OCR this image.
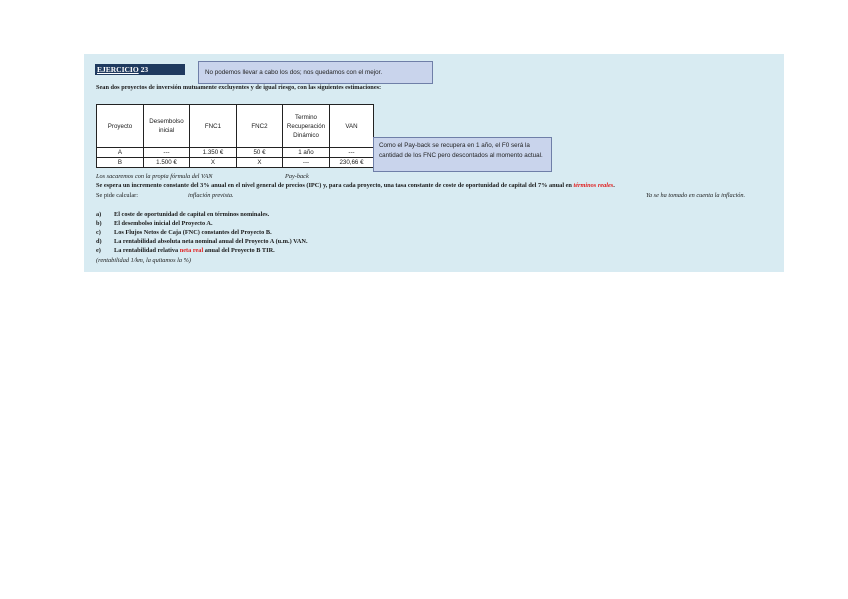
EJERCICIO 23	No podemos llevar a cabo los dos; nos quedamos con el mejor.
Sean dos proyectos de inversión mutuamente excluyentes y de igual riesgo, con las siguientes estimaciones:
Proyecto	Desembolso inicial	FNC1	FNC2	Termino Recuperación Dinámico	VAN
A	---	1.350 €	50 €	1 año	---
B	1.500 €	X	X	---	230,66 €
Como el Pay-back se recupera en 1 año, el F0 será la cantidad de los FNC pero descontados al momento actual.
Los sacaremos con la propia fórmula del VAN	Pay-back
Se espera un incremento constante del 3% anual en el nivel general de precios (IPC) y, para cada proyecto, una tasa constante de coste de oportunidad de capital del 7% anual en términos reales.
Se pide calcular:	inflación prevista.	Ya se ha tomado en cuenta la inflación.
a) El coste de oportunidad de capital en términos nominales.
b) El desembolso inicial del Proyecto A.
c) Los Flujos Netos de Caja (FNC) constantes del Proyecto B.
d) La rentabilidad absoluta neta nominal anual del Proyecto A (u.m.) VAN.
e) La rentabilidad relativa neta real anual del Proyecto B TIR.
(rentabilidad 1/km, la quitamos la %)
